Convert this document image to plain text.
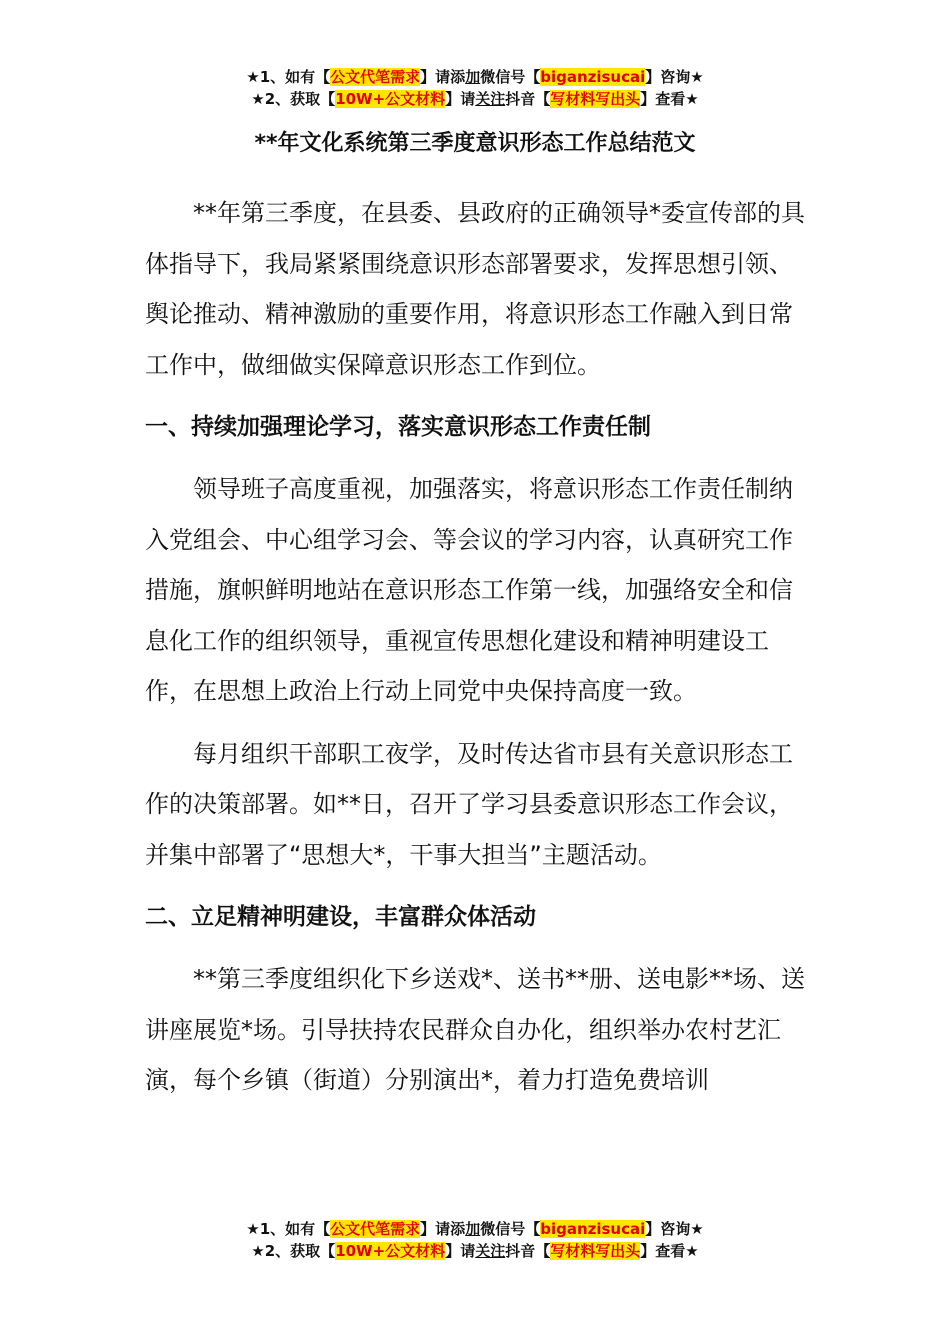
★1、如有【公文代笔需求】请添加微信号【biganzisucai】咨询★
★2、获取【10W+公文材料】请关注抖音【写材料写出头】查看★
**年文化系统第三季度意识形态工作总结范文

**年第三季度，在县委、县政府的正确领导*委宣传部的具体指导下，我局紧紧围绕意识形态部署要求，发挥思想引领、舆论推动、精神激励的重要作用，将意识形态工作融入到日常工作中，做细做实保障意识形态工作到位。

一、持续加强理论学习，落实意识形态工作责任制

领导班子高度重视，加强落实，将意识形态工作责任制纳入党组会、中心组学习会、等会议的学习内容，认真研究工作措施，旗帜鲜明地站在意识形态工作第一线，加强络安全和信息化工作的组织领导，重视宣传思想化建设和精神明建设工作，在思想上政治上行动上同党中央保持高度一致。

每月组织干部职工夜学，及时传达省市县有关意识形态工作的决策部署。如**日，召开了学习县委意识形态工作会议，并集中部署了“思想大*，干事大担当”主题活动。

二、立足精神明建设，丰富群众体活动

**第三季度组织化下乡送戏*、送书**册、送电影**场、送讲座展览*场。引导扶持农民群众自办化，组织举办农村艺汇演，每个乡镇（街道）分别演出*，着力打造免费培训

★1、如有【公文代笔需求】请添加微信号【biganzisucai】咨询★
★2、获取【10W+公文材料】请关注抖音【写材料写出头】查看★
